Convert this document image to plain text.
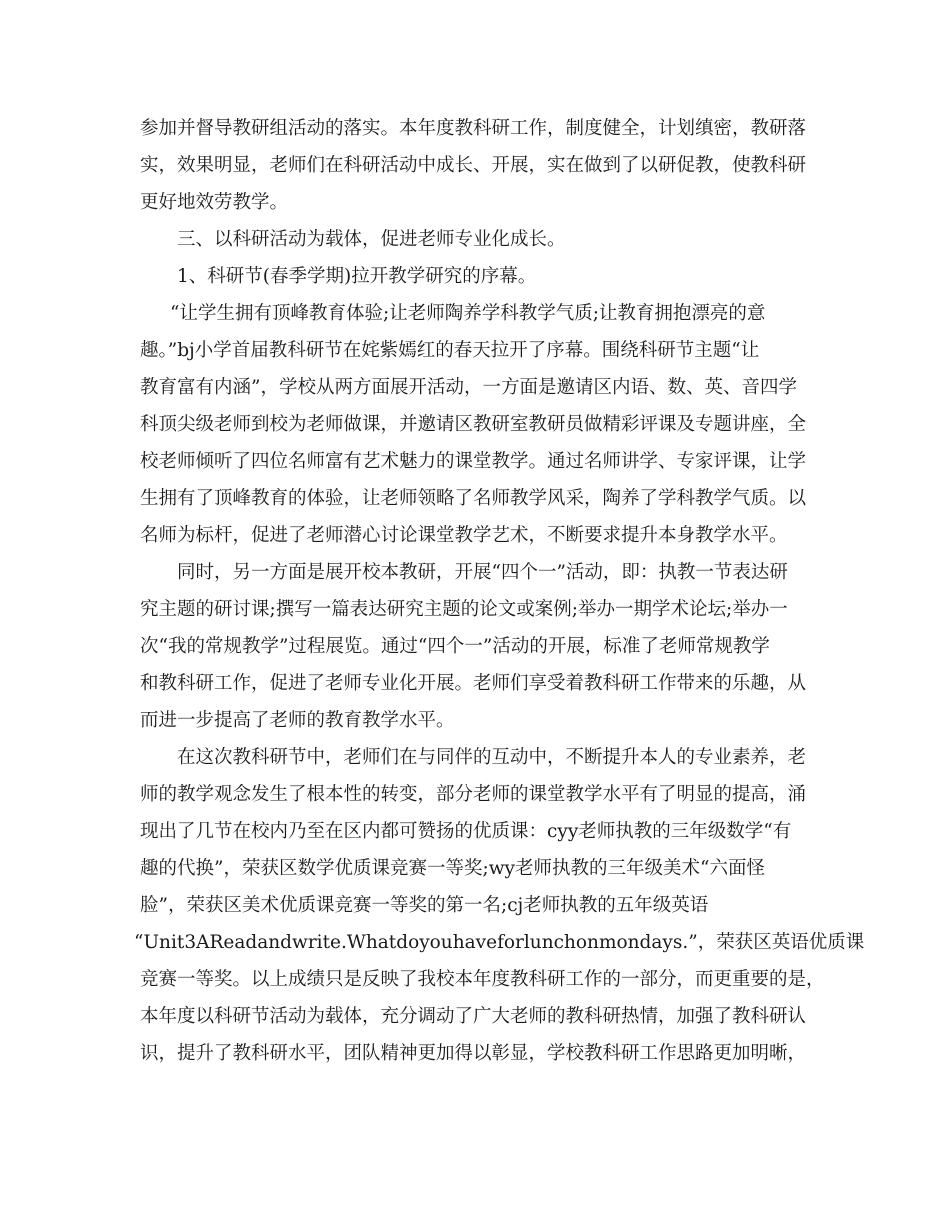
参加并督导教研组活动的落实。本年度教科研工作，制度健全，计划缜密，教研落
实，效果明显，老师们在科研活动中成长、开展，实在做到了以研促教，使教科研
更好地效劳教学。
三、以科研活动为载体，促进老师专业化成长。
1、科研节(春季学期)拉开教学研究的序幕。
“让学生拥有顶峰教育体验;让老师陶养学科教学气质;让教育拥抱漂亮的意
趣。”bj小学首届教科研节在姹紫嫣红的春天拉开了序幕。围绕科研节主题“让
教育富有内涵”，学校从两方面展开活动，一方面是邀请区内语、数、英、音四学
科顶尖级老师到校为老师做课，并邀请区教研室教研员做精彩评课及专题讲座，全
校老师倾听了四位名师富有艺术魅力的课堂教学。通过名师讲学、专家评课，让学
生拥有了顶峰教育的体验，让老师领略了名师教学风采，陶养了学科教学气质。以
名师为标杆，促进了老师潜心讨论课堂教学艺术，不断要求提升本身教学水平。
同时，另一方面是展开校本教研，开展“四个一”活动，即：执教一节表达研
究主题的研讨课;撰写一篇表达研究主题的论文或案例;举办一期学术论坛;举办一
次“我的常规教学”过程展览。通过“四个一”活动的开展，标准了老师常规教学
和教科研工作，促进了老师专业化开展。老师们享受着教科研工作带来的乐趣，从
而进一步提高了老师的教育教学水平。
在这次教科研节中，老师们在与同伴的互动中，不断提升本人的专业素养，老
师的教学观念发生了根本性的转变，部分老师的课堂教学水平有了明显的提高，涌
现出了几节在校内乃至在区内都可赞扬的优质课：cyy老师执教的三年级数学“有
趣的代换”，荣获区数学优质课竞赛一等奖;wy老师执教的三年级美术“六面怪
脸”，荣获区美术优质课竞赛一等奖的第一名;cj老师执教的五年级英语
“Unit3AReadandwrite.Whatdoyouhaveforlunchonmondays.”，荣获区英语优质课
竞赛一等奖。以上成绩只是反映了我校本年度教科研工作的一部分，而更重要的是，
本年度以科研节活动为载体，充分调动了广大老师的教科研热情，加强了教科研认
识，提升了教科研水平，团队精神更加得以彰显，学校教科研工作思路更加明晰，
